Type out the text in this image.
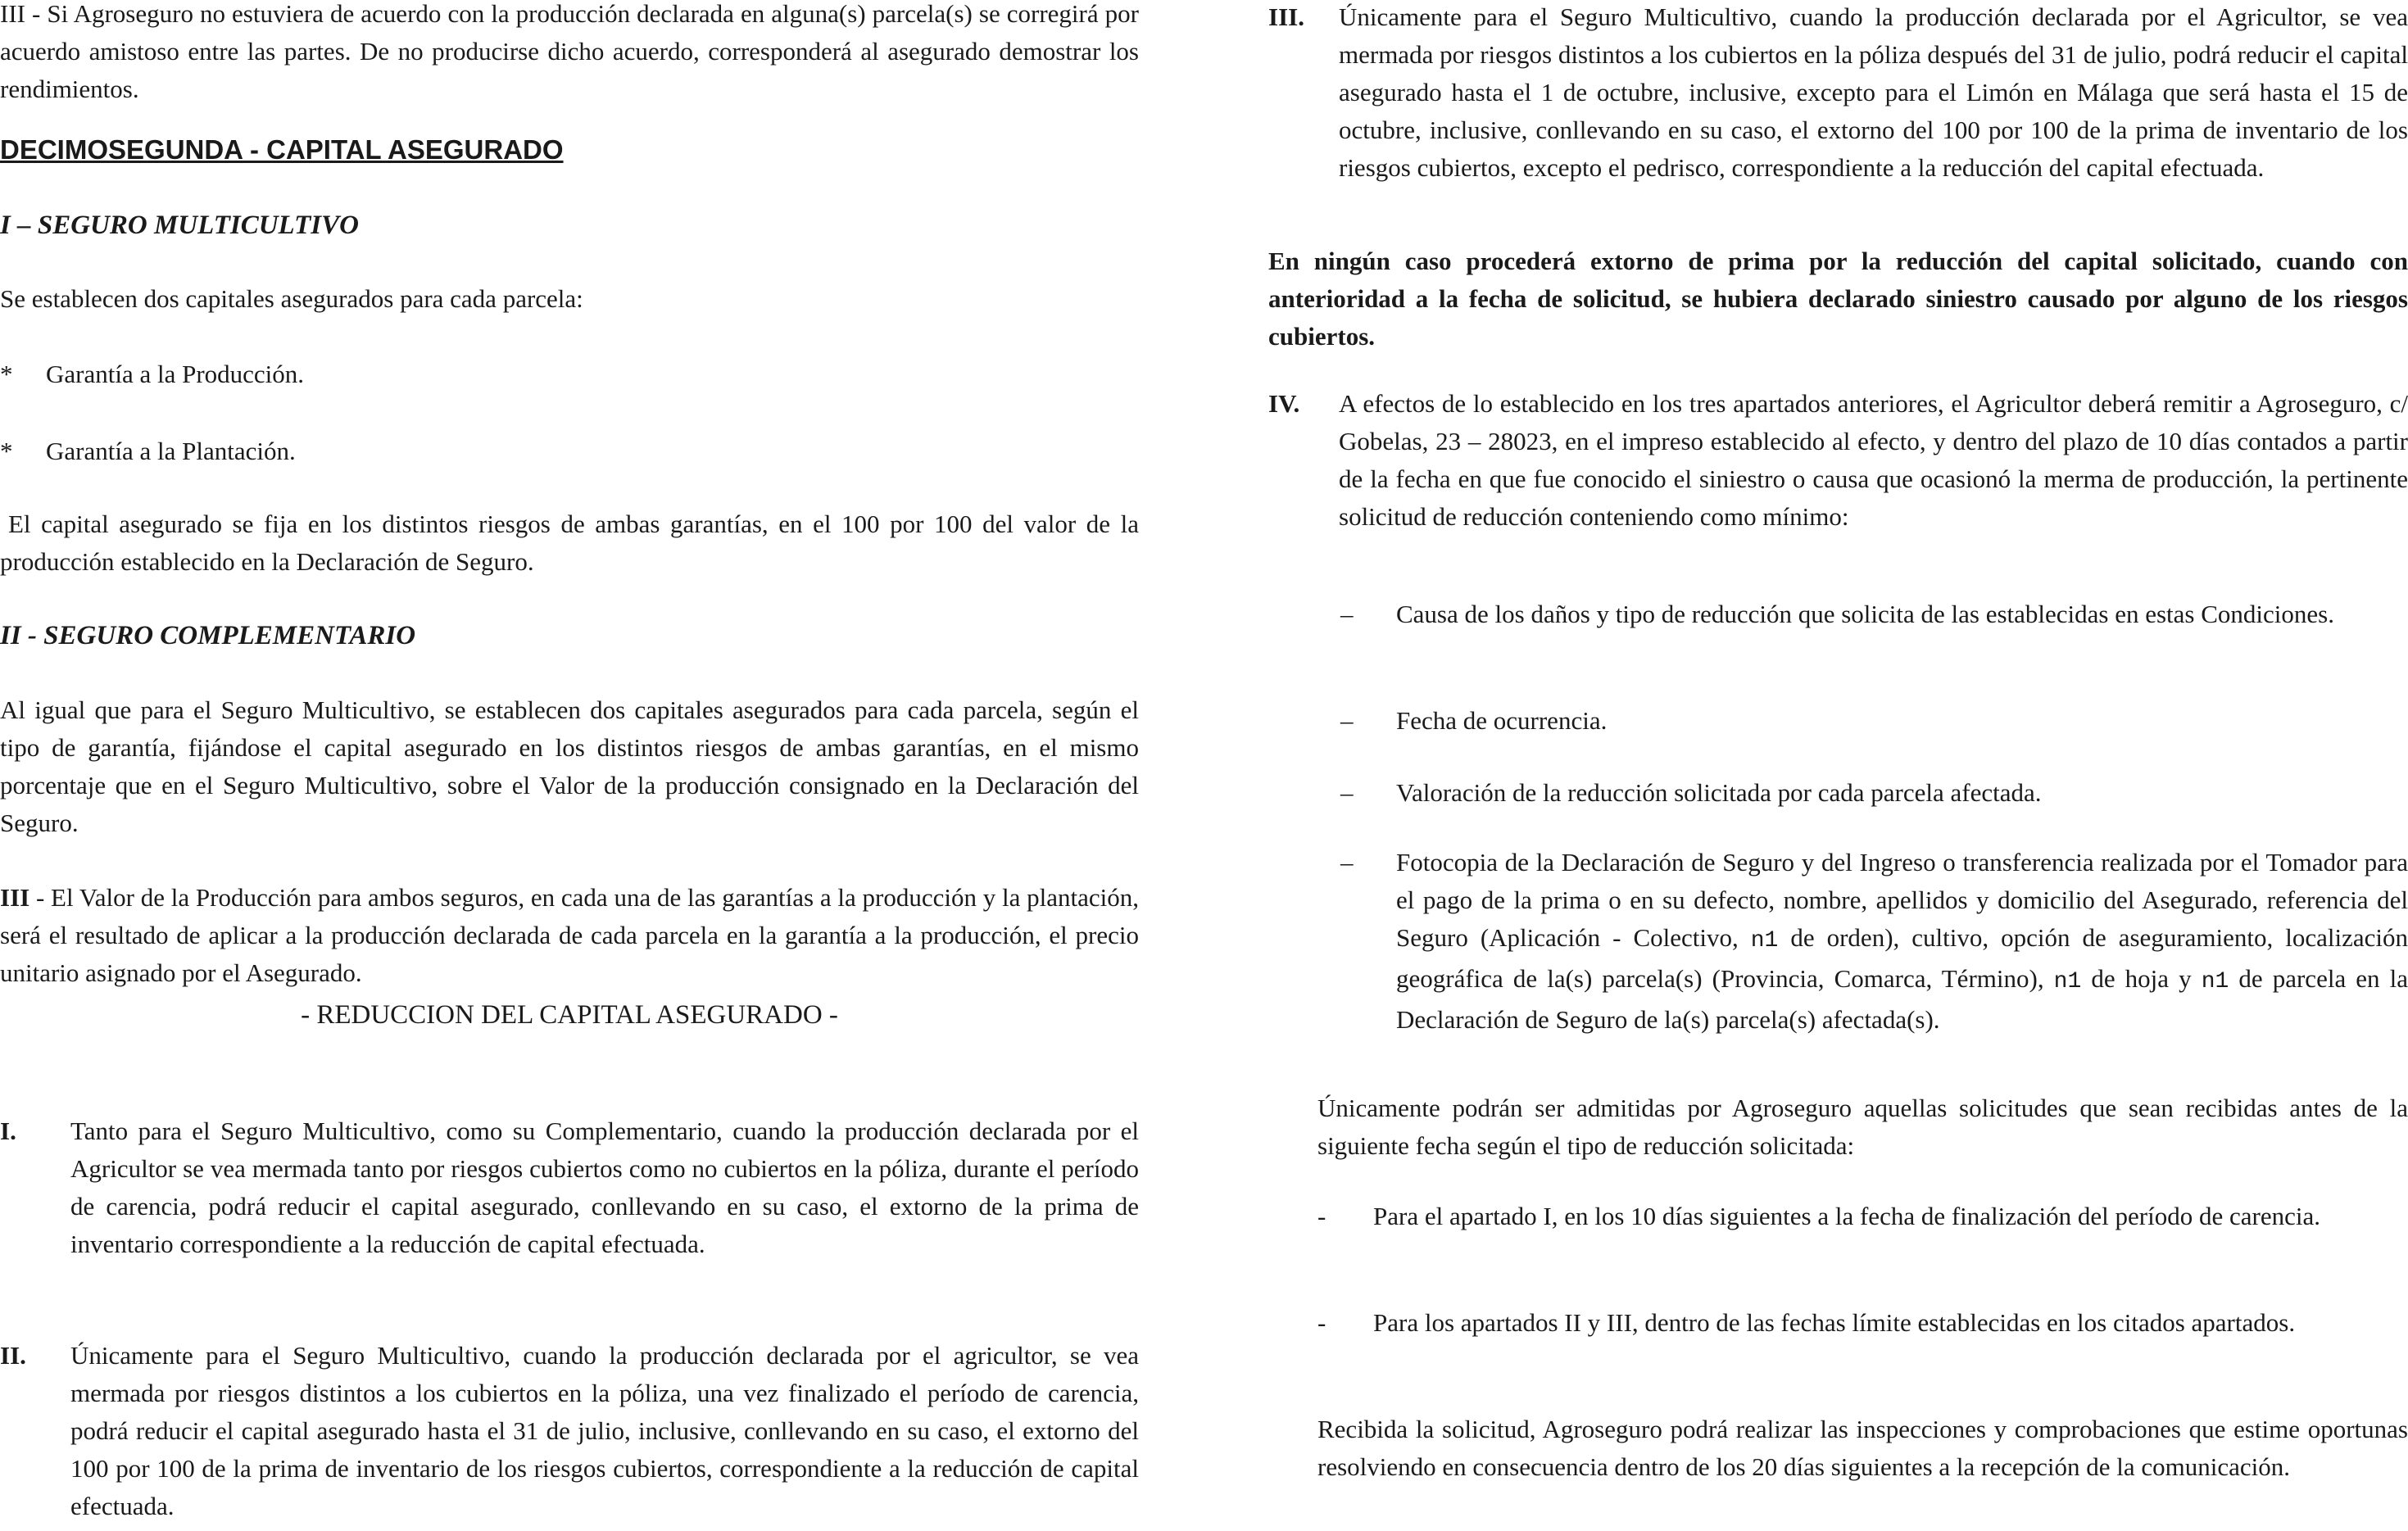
III - Si Agroseguro no estuviera de acuerdo con la producción declarada en alguna(s) parcela(s) se corregirá por acuerdo amistoso entre las partes. De no producirse dicho acuerdo, corresponderá al asegurado demostrar los rendimientos.

DECIMOSEGUNDA - CAPITAL ASEGURADO

I – SEGURO MULTICULTIVO

Se establecen dos capitales asegurados para cada parcela:

* Garantía a la Producción.

* Garantía a la Plantación.

El capital asegurado se fija en los distintos riesgos de ambas garantías, en el 100 por 100 del valor de la producción establecido en la Declaración de Seguro.

II - SEGURO COMPLEMENTARIO

Al igual que para el Seguro Multicultivo, se establecen dos capitales asegurados para cada parcela, según el tipo de garantía, fijándose el capital asegurado en los distintos riesgos de ambas garantías, en el mismo porcentaje que en el Seguro Multicultivo, sobre el Valor de la producción consignado en la Declaración del Seguro.

III - El Valor de la Producción para ambos seguros, en cada una de las garantías a la producción y la plantación, será el resultado de aplicar a la producción declarada de cada parcela en la garantía a la producción, el precio unitario asignado por el Asegurado.

- REDUCCION DEL CAPITAL ASEGURADO -

I. Tanto para el Seguro Multicultivo, como su Complementario, cuando la producción declarada por el Agricultor se vea mermada tanto por riesgos cubiertos como no cubiertos en la póliza, durante el período de carencia, podrá reducir el capital asegurado, conllevando en su caso, el extorno de la prima de inventario correspondiente a la reducción de capital efectuada.

II. Únicamente para el Seguro Multicultivo, cuando la producción declarada por el agricultor, se vea mermada por riesgos distintos a los cubiertos en la póliza, una vez finalizado el período de carencia, podrá reducir el capital asegurado hasta el 31 de julio, inclusive, conllevando en su caso, el extorno del 100 por 100 de la prima de inventario de los riesgos cubiertos, correspondiente a la reducción de capital efectuada.

III. Únicamente para el Seguro Multicultivo, cuando la producción declarada por el Agricultor, se vea mermada por riesgos distintos a los cubiertos en la póliza después del 31 de julio, podrá reducir el capital asegurado hasta el 1 de octubre, inclusive, excepto para el Limón en Málaga que será hasta el 15 de octubre, inclusive, conllevando en su caso, el extorno del 100 por 100 de la prima de inventario de los riesgos cubiertos, excepto el pedrisco, correspondiente a la reducción del capital efectuada.

En ningún caso procederá extorno de prima por la reducción del capital solicitado, cuando con anterioridad a la fecha de solicitud, se hubiera declarado siniestro causado por alguno de los riesgos cubiertos.

IV. A efectos de lo establecido en los tres apartados anteriores, el Agricultor deberá remitir a Agroseguro, c/ Gobelas, 23 – 28023, en el impreso establecido al efecto, y dentro del plazo de 10 días contados a partir de la fecha en que fue conocido el siniestro o causa que ocasionó la merma de producción, la pertinente solicitud de reducción conteniendo como mínimo:

– Causa de los daños y tipo de reducción que solicita de las establecidas en estas Condiciones.

– Fecha de ocurrencia.

– Valoración de la reducción solicitada por cada parcela afectada.

– Fotocopia de la Declaración de Seguro y del Ingreso o transferencia realizada por el Tomador para el pago de la prima o en su defecto, nombre, apellidos y domicilio del Asegurado, referencia del Seguro (Aplicación - Colectivo, n1 de orden), cultivo, opción de aseguramiento, localización geográfica de la(s) parcela(s) (Provincia, Comarca, Término), n1 de hoja y n1 de parcela en la Declaración de Seguro de la(s) parcela(s) afectada(s).

Únicamente podrán ser admitidas por Agroseguro aquellas solicitudes que sean recibidas antes de la siguiente fecha según el tipo de reducción solicitada:

- Para el apartado I, en los 10 días siguientes a la fecha de finalización del período de carencia.

- Para los apartados II y III, dentro de las fechas límite establecidas en los citados apartados.

Recibida la solicitud, Agroseguro podrá realizar las inspecciones y comprobaciones que estime oportunas resolviendo en consecuencia dentro de los 20 días siguientes a la recepción de la comunicación.
